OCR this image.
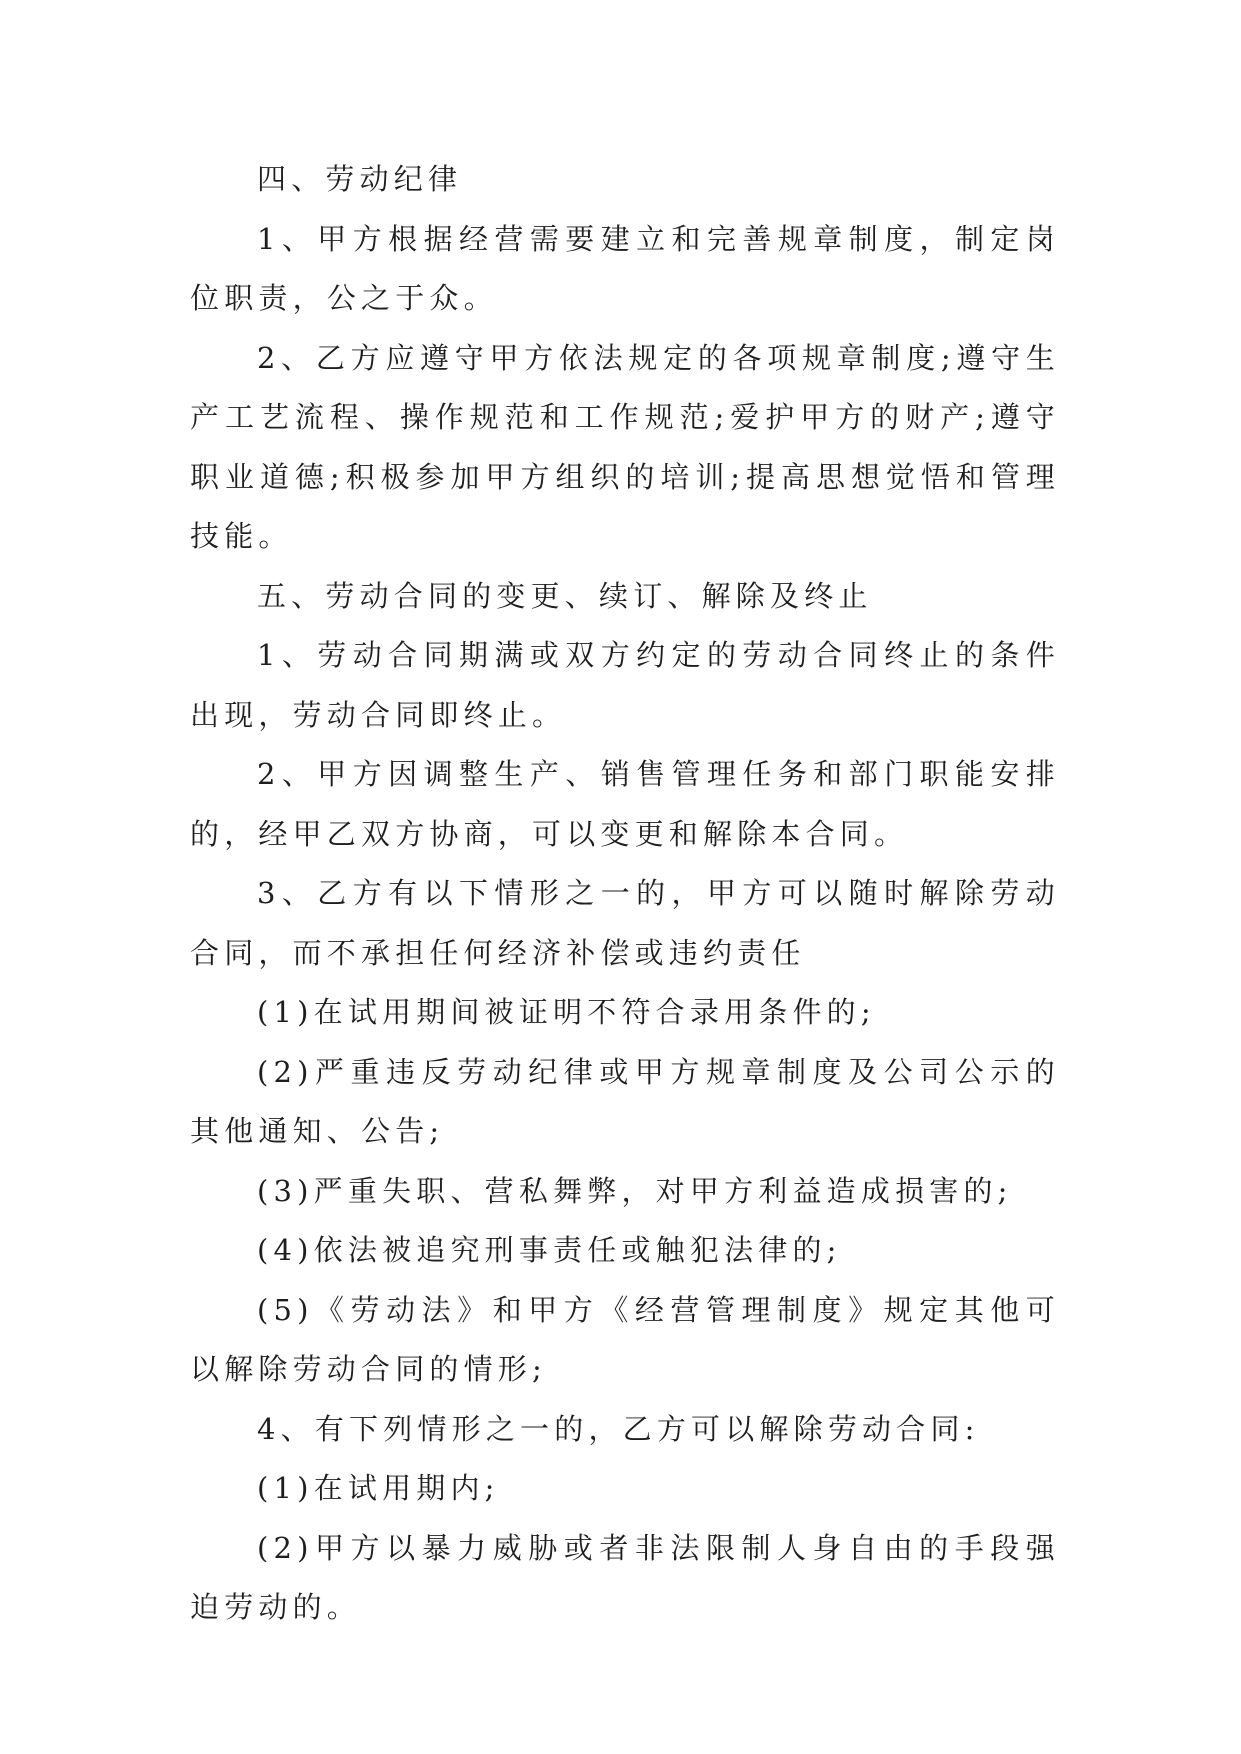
四、劳动纪律

1、甲方根据经营需要建立和完善规章制度，制定岗位职责，公之于众。

2、乙方应遵守甲方依法规定的各项规章制度;遵守生产工艺流程、操作规范和工作规范;爱护甲方的财产;遵守职业道德;积极参加甲方组织的培训;提高思想觉悟和管理技能。

五、劳动合同的变更、续订、解除及终止

1、劳动合同期满或双方约定的劳动合同终止的条件出现，劳动合同即终止。

2、甲方因调整生产、销售管理任务和部门职能安排的，经甲乙双方协商，可以变更和解除本合同。

3、乙方有以下情形之一的，甲方可以随时解除劳动合同，而不承担任何经济补偿或违约责任

(1)在试用期间被证明不符合录用条件的;

(2)严重违反劳动纪律或甲方规章制度及公司公示的其他通知、公告;

(3)严重失职、营私舞弊，对甲方利益造成损害的;

(4)依法被追究刑事责任或触犯法律的;

(5)《劳动法》和甲方《经营管理制度》规定其他可以解除劳动合同的情形;

4、有下列情形之一的，乙方可以解除劳动合同:

(1)在试用期内;

(2)甲方以暴力威胁或者非法限制人身自由的手段强迫劳动的。
